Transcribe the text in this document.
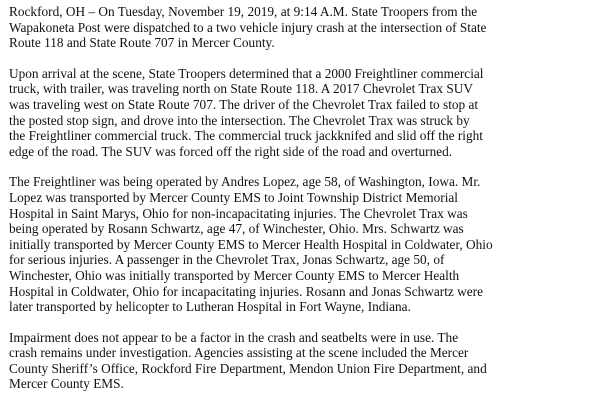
Rockford, OH – On Tuesday, November 19, 2019, at 9:14 A.M. State Troopers from the
Wapakoneta Post were dispatched to a two vehicle injury crash at the intersection of State
Route 118 and State Route 707 in Mercer County.

Upon arrival at the scene, State Troopers determined that a 2000 Freightliner commercial
truck, with trailer, was traveling north on State Route 118. A 2017 Chevrolet Trax SUV
was traveling west on State Route 707. The driver of the Chevrolet Trax failed to stop at
the posted stop sign, and drove into the intersection. The Chevrolet Trax was struck by
the Freightliner commercial truck. The commercial truck jackknifed and slid off the right
edge of the road. The SUV was forced off the right side of the road and overturned.

The Freightliner was being operated by Andres Lopez, age 58, of Washington, Iowa. Mr.
Lopez was transported by Mercer County EMS to Joint Township District Memorial
Hospital in Saint Marys, Ohio for non-incapacitating injuries. The Chevrolet Trax was
being operated by Rosann Schwartz, age 47, of Winchester, Ohio. Mrs. Schwartz was
initially transported by Mercer County EMS to Mercer Health Hospital in Coldwater, Ohio
for serious injuries. A passenger in the Chevrolet Trax, Jonas Schwartz, age 50, of
Winchester, Ohio was initially transported by Mercer County EMS to Mercer Health
Hospital in Coldwater, Ohio for incapacitating injuries. Rosann and Jonas Schwartz were
later transported by helicopter to Lutheran Hospital in Fort Wayne, Indiana.

Impairment does not appear to be a factor in the crash and seatbelts were in use. The
crash remains under investigation. Agencies assisting at the scene included the Mercer
County Sheriff’s Office, Rockford Fire Department, Mendon Union Fire Department, and
Mercer County EMS.
